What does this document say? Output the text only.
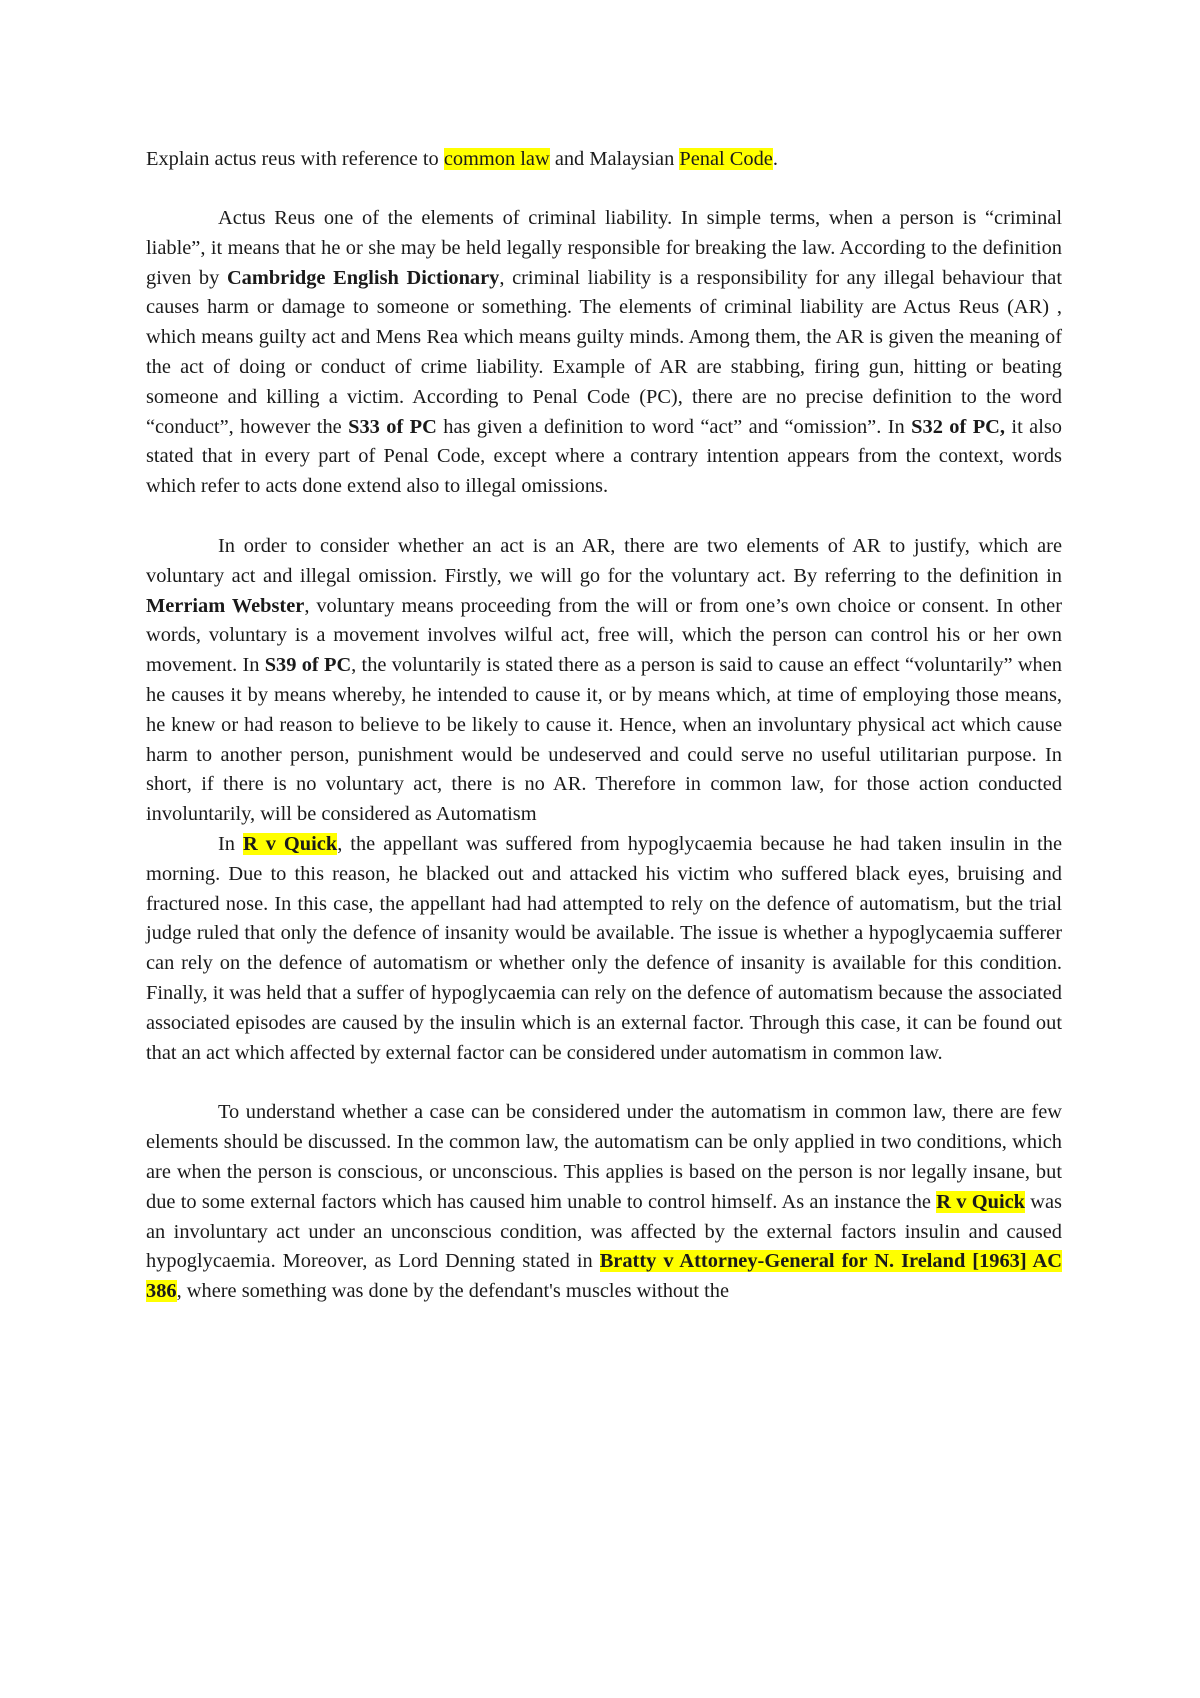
Explain actus reus with reference to common law and Malaysian Penal Code.

Actus Reus one of the elements of criminal liability. In simple terms, when a person is “criminal liable”, it means that he or she may be held legally responsible for breaking the law. According to the definition given by Cambridge English Dictionary, criminal liability is a responsibility for any illegal behaviour that causes harm or damage to someone or something. The elements of criminal liability are Actus Reus (AR) , which means guilty act and Mens Rea which means guilty minds. Among them, the AR is given the meaning of the act of doing or conduct of crime liability. Example of AR are stabbing, firing gun, hitting or beating someone and killing a victim. According to Penal Code (PC), there are no precise definition to the word “conduct”, however the S33 of PC has given a definition to word “act” and “omission”. In S32 of PC, it also stated that in every part of Penal Code, except where a contrary intention appears from the context, words which refer to acts done extend also to illegal omissions.

In order to consider whether an act is an AR, there are two elements of AR to justify, which are voluntary act and illegal omission. Firstly, we will go for the voluntary act. By referring to the definition in Merriam Webster, voluntary means proceeding from the will or from one’s own choice or consent. In other words, voluntary is a movement involves wilful act, free will, which the person can control his or her own movement. In S39 of PC, the voluntarily is stated there as a person is said to cause an effect “voluntarily” when he causes it by means whereby, he intended to cause it, or by means which, at time of employing those means, he knew or had reason to believe to be likely to cause it. Hence, when an involuntary physical act which cause harm to another person, punishment would be undeserved and could serve no useful utilitarian purpose. In short, if there is no voluntary act, there is no AR. Therefore in common law, for those action conducted involuntarily, will be considered as Automatism

In R v Quick, the appellant was suffered from hypoglycaemia because he had taken insulin in the morning. Due to this reason, he blacked out and attacked his victim who suffered black eyes, bruising and fractured nose. In this case, the appellant had had attempted to rely on the defence of automatism, but the trial judge ruled that only the defence of insanity would be available. The issue is whether a hypoglycaemia sufferer can rely on the defence of automatism or whether only the defence of insanity is available for this condition. Finally, it was held that a suffer of hypoglycaemia can rely on the defence of automatism because the associated associated episodes are caused by the insulin which is an external factor. Through this case, it can be found out that an act which affected by external factor can be considered under automatism in common law.

To understand whether a case can be considered under the automatism in common law, there are few elements should be discussed. In the common law, the automatism can be only applied in two conditions, which are when the person is conscious, or unconscious. This applies is based on the person is nor legally insane, but due to some external factors which has caused him unable to control himself. As an instance the R v Quick was an involuntary act under an unconscious condition, was affected by the external factors insulin and caused hypoglycaemia. Moreover, as Lord Denning stated in Bratty v Attorney-General for N. Ireland [1963] AC 386, where something was done by the defendant's muscles without the
